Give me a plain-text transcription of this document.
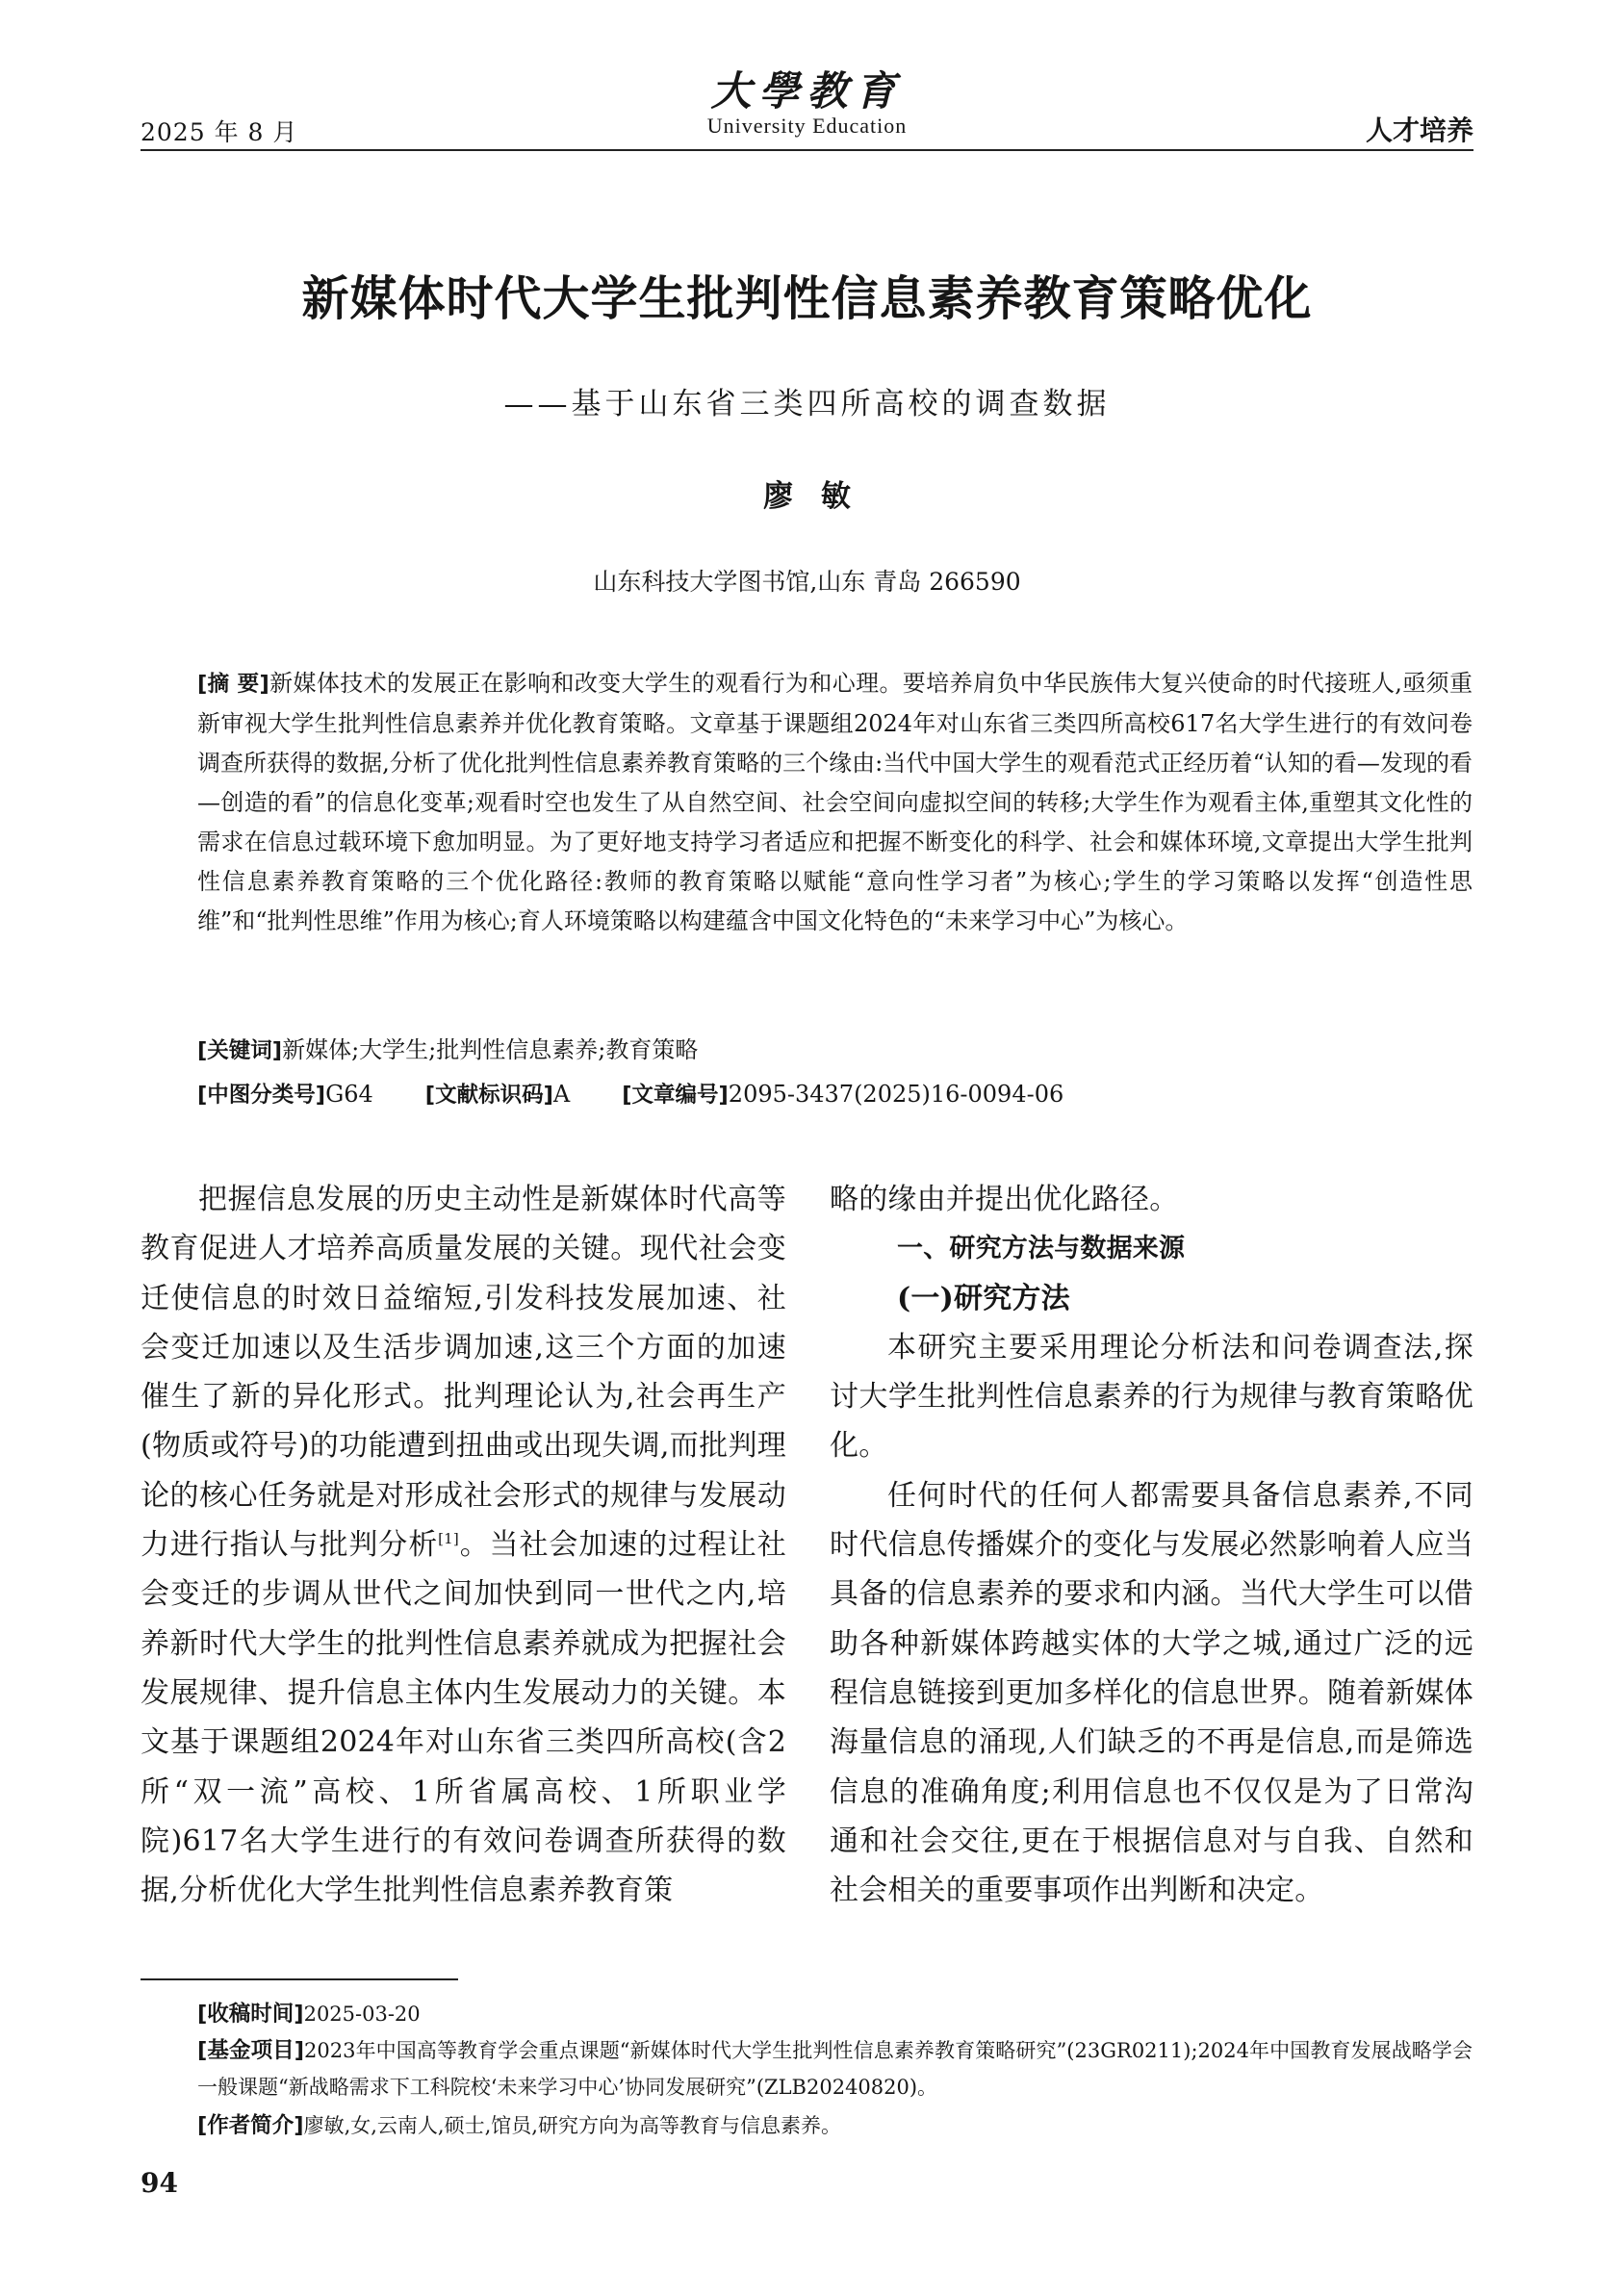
2025 年 8 月
大學教育
University Education	人才培养
新媒体时代大学生批判性信息素养教育策略优化
——基于山东省三类四所高校的调查数据
廖 敏
山东科技大学图书馆,山东 青岛 266590

[摘 要]新媒体技术的发展正在影响和改变大学生的观看行为和心理。要培养肩负中华民族伟大复兴使命的时代接班人,亟须重新审视大学生批判性信息素养并优化教育策略。文章基于课题组2024年对山东省三类四所高校617名大学生进行的有效问卷调查所获得的数据,分析了优化批判性信息素养教育策略的三个缘由:当代中国大学生的观看范式正经历着“认知的看—发现的看—创造的看”的信息化变革;观看时空也发生了从自然空间、社会空间向虚拟空间的转移;大学生作为观看主体,重塑其文化性的需求在信息过载环境下愈加明显。为了更好地支持学习者适应和把握不断变化的科学、社会和媒体环境,文章提出大学生批判性信息素养教育策略的三个优化路径:教师的教育策略以赋能“意向性学习者”为核心;学生的学习策略以发挥“创造性思维”和“批判性思维”作用为核心;育人环境策略以构建蕴含中国文化特色的“未来学习中心”为核心。

[关键词]新媒体;大学生;批判性信息素养;教育策略
[中图分类号]G64 [文献标识码]A [文章编号]2095-3437(2025)16-0094-06

把握信息发展的历史主动性是新媒体时代高等教育促进人才培养高质量发展的关键。现代社会变迁使信息的时效日益缩短,引发科技发展加速、社会变迁加速以及生活步调加速,这三个方面的加速催生了新的异化形式。批判理论认为,社会再生产(物质或符号)的功能遭到扭曲或出现失调,而批判理论的核心任务就是对形成社会形式的规律与发展动力进行指认与批判分析[1]。当社会加速的过程让社会变迁的步调从世代之间加快到同一世代之内,培养新时代大学生的批判性信息素养就成为把握社会发展规律、提升信息主体内生发展动力的关键。本文基于课题组2024年对山东省三类四所高校(含2所“双一流”高校、1所省属高校、1所职业学院)617名大学生进行的有效问卷调查所获得的数据,分析优化大学生批判性信息素养教育策

略的缘由并提出优化路径。

一、研究方法与数据来源

(一)研究方法

本研究主要采用理论分析法和问卷调查法,探讨大学生批判性信息素养的行为规律与教育策略优化。

任何时代的任何人都需要具备信息素养,不同时代信息传播媒介的变化与发展必然影响着人应当具备的信息素养的要求和内涵。当代大学生可以借助各种新媒体跨越实体的大学之城,通过广泛的远程信息链接到更加多样化的信息世界。随着新媒体海量信息的涌现,人们缺乏的不再是信息,而是筛选信息的准确角度;利用信息也不仅仅是为了日常沟通和社会交往,更在于根据信息对与自我、自然和社会相关的重要事项作出判断和决定。

[收稿时间]2025-03-20
[基金项目]2023年中国高等教育学会重点课题“新媒体时代大学生批判性信息素养教育策略研究”(23GR0211);2024年中国教育发展战略学会一般课题“新战略需求下工科院校‘未来学习中心’协同发展研究”(ZLB20240820)。
[作者简介]廖敏,女,云南人,硕士,馆员,研究方向为高等教育与信息素养。
94
